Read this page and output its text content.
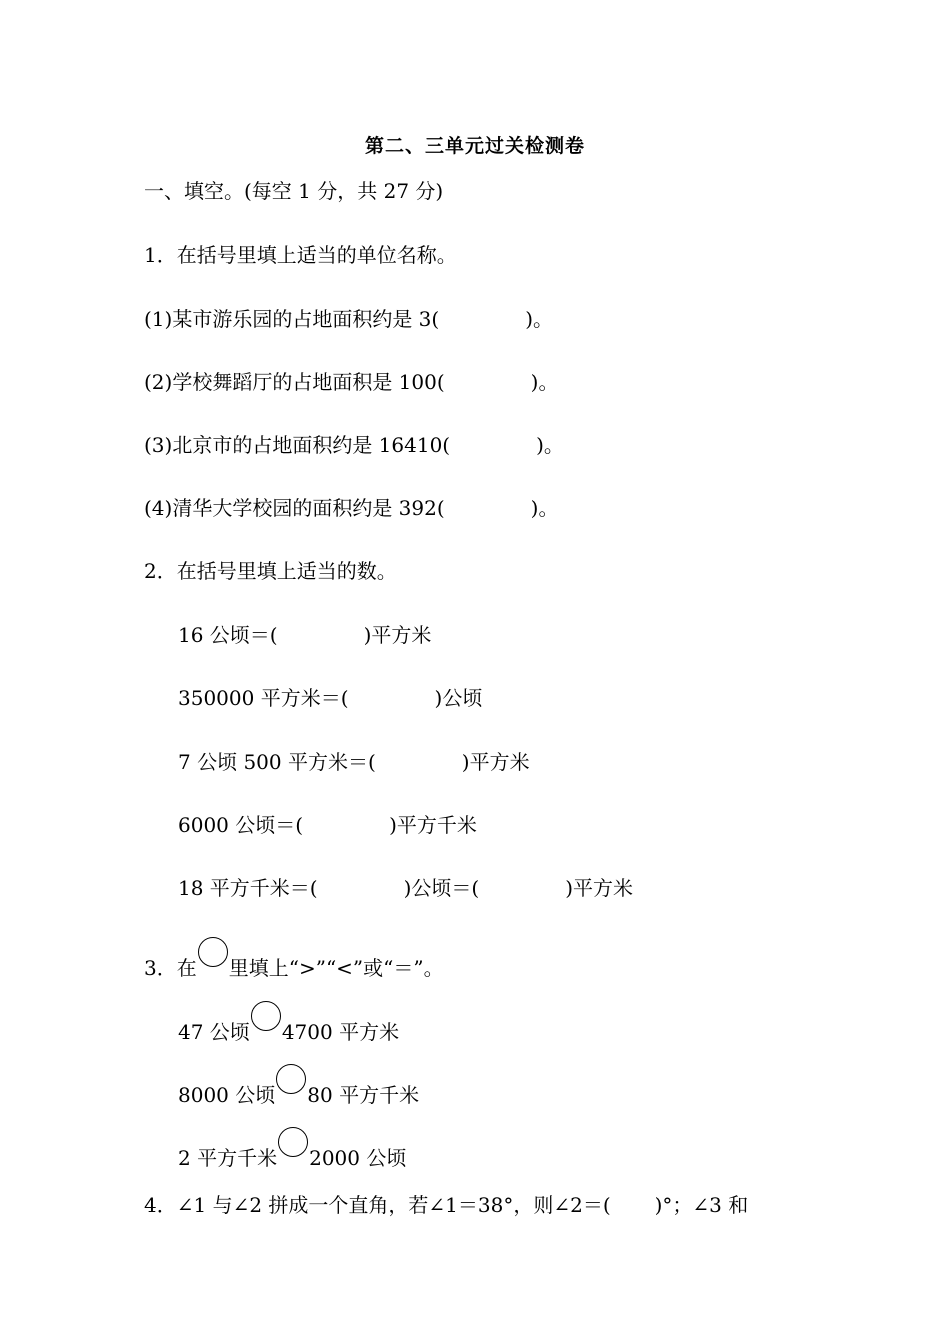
第二、三单元过关检测卷
一、填空。(每空 1 分，共 27 分)
1．在括号里填上适当的单位名称。
(1)某市游乐园的占地面积约是 3(	)。
(2)学校舞蹈厅的占地面积是 100(	)。
(3)北京市的占地面积约是 16410(	)。
(4)清华大学校园的面积约是 392(	)。
2．在括号里填上适当的数。
16 公顷＝(	)平方米
350000 平方米＝(	)公顷
7 公顷 500 平方米＝(	)平方米
6000 公顷＝(	)平方千米
18 平方千米＝(	)公顷＝(	)平方米
3．在 里填上“>”“<”或“＝”。
47 公顷 4700 平方米
8000 公顷 80 平方千米
2 平方千米 2000 公顷
4．∠1 与∠2 拼成一个直角，若∠1＝38°，则∠2＝( )°；∠3 和
